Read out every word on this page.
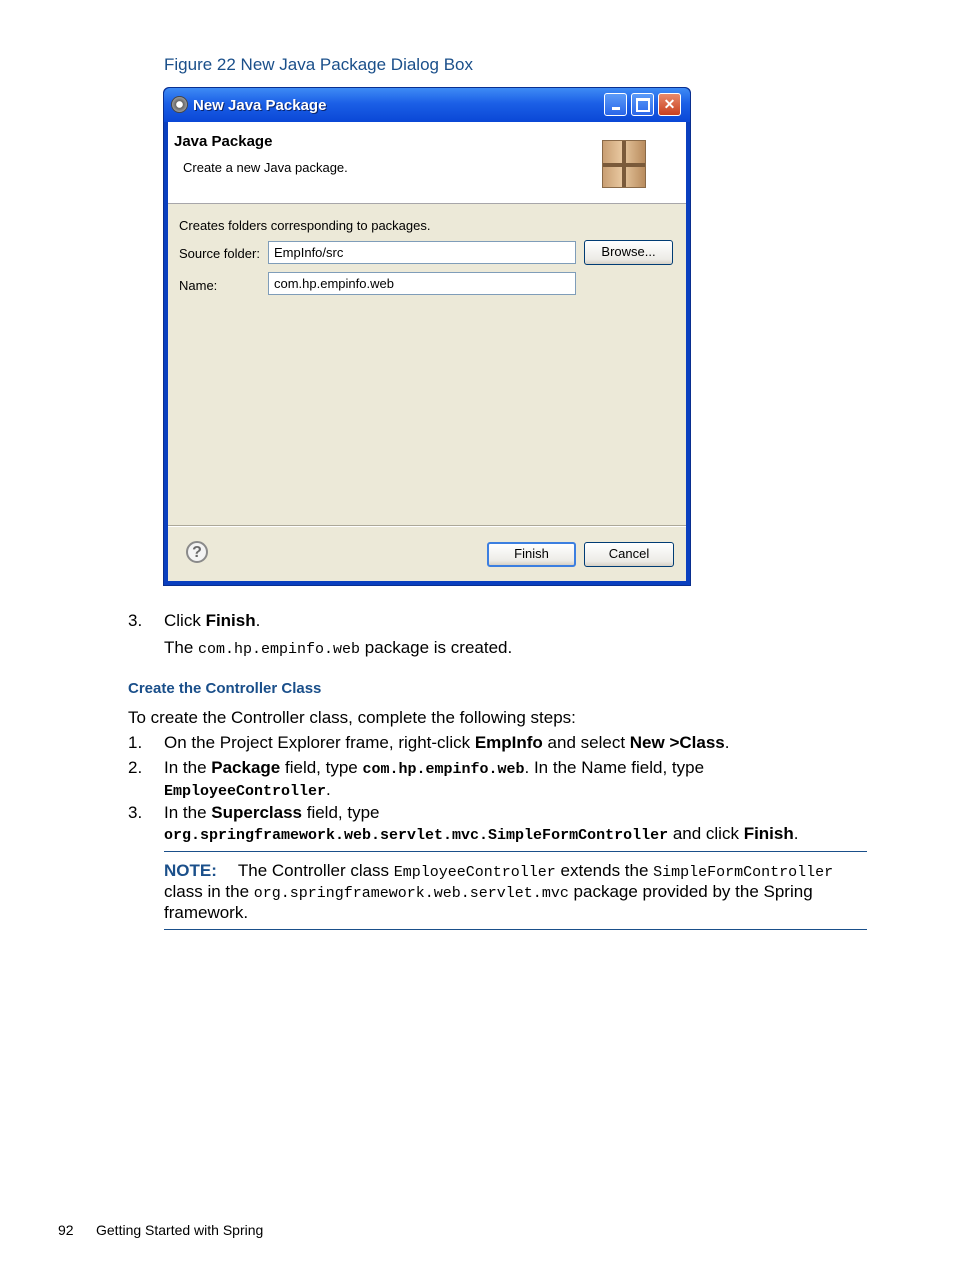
Figure 22 New Java Package Dialog Box
New Java Package	✕
Java Package
Create a new Java package.
Creates folders corresponding to packages.
Source folder:
EmpInfo/src	Browse...
Name:
com.hp.empinfo.web
?	Finish	Cancel
3. Click Finish.
The com.hp.empinfo.web package is created.
Create the Controller Class
To create the Controller class, complete the following steps:
1. On the Project Explorer frame, right-click EmpInfo and select New >Class.
2. In the Package field, type com.hp.empinfo.web. In the Name field, type
EmployeeController.
3. In the Superclass field, type
org.springframework.web.servlet.mvc.SimpleFormController and click Finish.
NOTE: The Controller class EmployeeController extends the SimpleFormController
class in the org.springframework.web.servlet.mvc package provided by the Spring
framework.
92 Getting Started with Spring
